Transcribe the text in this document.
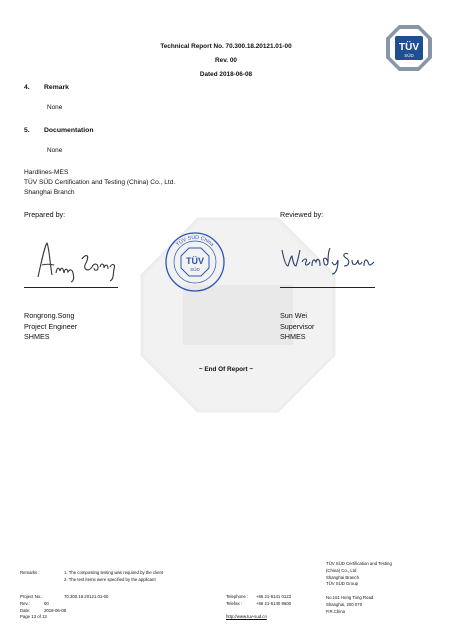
Technical Report No. 70.300.18.20121.01-00
Rev. 00
Dated 2018-06-08
TÜV
SÜD
4. Remark
None
5. Documentation
None
Hardlines-MES
TÜV SÜD Certification and Testing (China) Co., Ltd.
Shanghai Branch
Prepared by:	Reviewed by:
TÜV SÜD China
TÜV
SÜD
Rongrong.Song
Project Engineer
SHMES
Sun Wei
Supervisor
SHMES
~ End Of Report ~
Remarks :	1. The composting testing was required by the client
2. The test items were specified by the applicant
Project No.:	70.300.18.20121.01-00
Rev.:	00
Date:	2018-06-08
Page 13 of 13
Telephone :	+86 21-6141 0123
Telefax :	+86 21-6140 8600

http://www.tuv-sud.cn
TÜV SÜD Certification and Testing
(China) Co., Ltd
Shanghai Branch
TÜV SÜD Group

No.151 Heng Tong Road
Shanghai, 200 070
P.R.China
